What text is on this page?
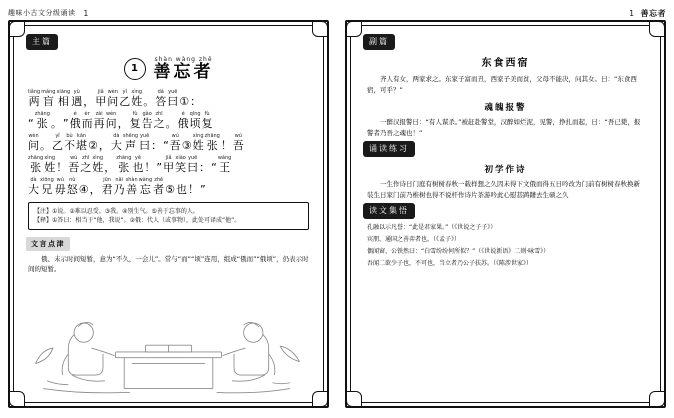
趣味小古文分级诵读 1
主篇
1
shàn wàng zhě
善忘者
liǎng
两
máng
盲
xiāng
相
yù
遇 ，
jiǎ
甲
wèn
问
yǐ
乙
xìng
姓 。
dá
答
yuē
曰 ① ：
“
zhāng
张 。 ”
é
俄
ér
而
zài
再
wèn
问 ，
fù
复
gào
告
zhī
之 。
é
俄
qǐng
顷
fù
复
wèn
问 。
yǐ
乙
bù
不
kān
堪 ② ，
dà
大
shēng
声
yuē
曰 ： “
wú
吾 ③
xìng
姓
zhāng
张 ！
wú
吾
zhāng
张
xìng
姓 ！
wú
吾
zhī
之
xìng
姓 ，
zhāng
张
yě
也 ！ ”
jiǎ
甲
xiào
笑
yuē
曰 ： “
wáng
王
dà
大
xiōng
兄
wú
毋
nù
怒 ④ ，
jūn
君
nǎi
乃
shàn
善
wàng
忘
zhě
者 ⑤ 也 ！ ”
【注】①说。②难以忍受。③我。④别生气。⑤善于忘事的人。
【释】①答曰：相当于“他，我说”。②俄：代人（或事物），此处可译成“他”。
文言点津
俄、未示时间短暂，意为“不久，一会儿”。常与“而”“顷”连用，组成“俄而”“俄顷”，仍表示时间的短暂。
1 善忘者
副篇
东食西宿
齐人有女，两家求之。东家子富而丑，西家子美而贫，父母不能决，问其女。曰：“东食西宿，可乎？”
魂魄报警
一醉汉报警曰：“有人谋杀。”被赶赴警堂，汉醉如烂泥，见警，挣扎而起，曰：“吾已毙，报警者乃吾之魂也！”
诵读练习
初学作诗
一生作诗日门庭有树树春秋一载样想之久因未得下文俄而得五日吟改为门前有树树春秋换新装生日家门前乃椎树也得不说杆作诗片茶游吟此心慰甚踌躇去生硕之久
读文集悟
孔融以示凡誉：“此是君家果。”（《世说之子子》）
宾朋、通国之善弈者也。（《孟子》）
偶闻窗、公铁然曰：“白雪纷纷何所似？”（《世说新语》二则·咏雪》）
吾闻二欲少子也，不可也，当立者乃公子扶苏。（《陈涉世家》）
